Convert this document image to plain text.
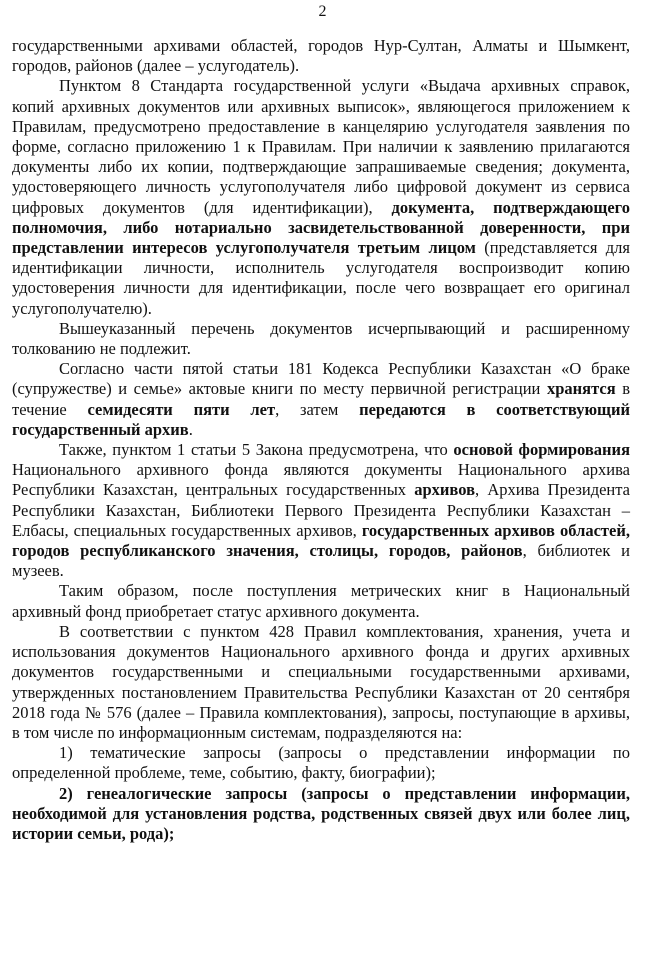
2

государственными архивами областей, городов Нур-Султан, Алматы и Шымкент, городов, районов (далее – услугодатель).

Пунктом 8 Стандарта государственной услуги «Выдача архивных справок, копий архивных документов или архивных выписок», являющегося приложением к Правилам, предусмотрено предоставление в канцелярию услугодателя заявления по форме, согласно приложению 1 к Правилам. При наличии к заявлению прилагаются документы либо их копии, подтверждающие запрашиваемые сведения; документа, удостоверяющего личность услугополучателя либо цифровой документ из сервиса цифровых документов (для идентификации), документа, подтверждающего полномочия, либо нотариально засвидетельствованной доверенности, при представлении интересов услугополучателя третьим лицом (представляется для идентификации личности, исполнитель услугодателя воспроизводит копию удостоверения личности для идентификации, после чего возвращает его оригинал услугополучателю).

Вышеуказанный перечень документов исчерпывающий и расширенному толкованию не подлежит.

Согласно части пятой статьи 181 Кодекса Республики Казахстан «О браке (супружестве) и семье» актовые книги по месту первичной регистрации хранятся в течение семидесяти пяти лет, затем передаются в соответствующий государственный архив.

Также, пунктом 1 статьи 5 Закона предусмотрена, что основой формирования Национального архивного фонда являются документы Национального архива Республики Казахстан, центральных государственных архивов, Архива Президента Республики Казахстан, Библиотеки Первого Президента Республики Казахстан – Елбасы, специальных государственных архивов, государственных архивов областей, городов республиканского значения, столицы, городов, районов, библиотек и музеев.

Таким образом, после поступления метрических книг в Национальный архивный фонд приобретает статус архивного документа.

В соответствии с пунктом 428 Правил комплектования, хранения, учета и использования документов Национального архивного фонда и других архивных документов государственными и специальными государственными архивами, утвержденных постановлением Правительства Республики Казахстан от 20 сентября 2018 года № 576 (далее – Правила комплектования), запросы, поступающие в архивы, в том числе по информационным системам, подразделяются на:

1) тематические запросы (запросы о представлении информации по определенной проблеме, теме, событию, факту, биографии);

2) генеалогические запросы (запросы о представлении информации, необходимой для установления родства, родственных связей двух или более лиц, истории семьи, рода);
